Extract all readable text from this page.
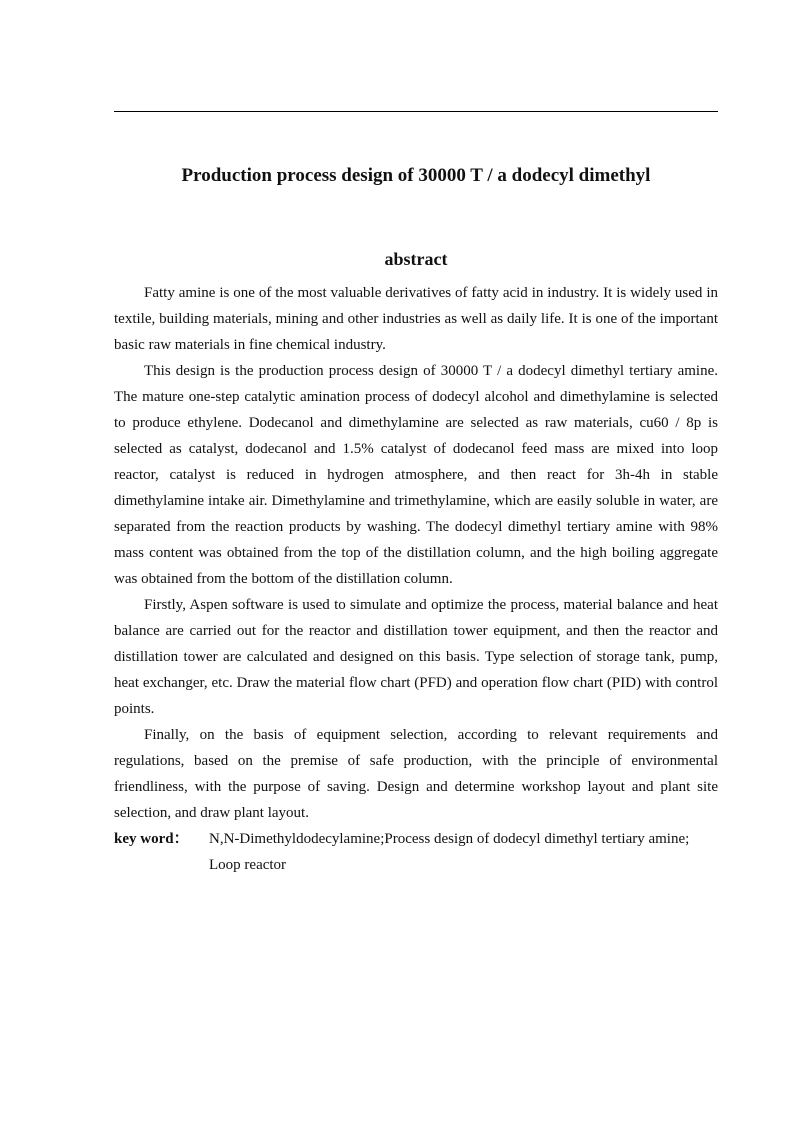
Production process design of 30000 T / a dodecyl dimethyl
abstract

Fatty amine is one of the most valuable derivatives of fatty acid in industry. It is widely used in textile, building materials, mining and other industries as well as daily life. It is one of the important basic raw materials in fine chemical industry.

This design is the production process design of 30000 T / a dodecyl dimethyl tertiary amine. The mature one-step catalytic amination process of dodecyl alcohol and dimethylamine is selected to produce ethylene. Dodecanol and dimethylamine are selected as raw materials, cu60 / 8p is selected as catalyst, dodecanol and 1.5% catalyst of dodecanol feed mass are mixed into loop reactor, catalyst is reduced in hydrogen atmosphere, and then react for 3h-4h in stable dimethylamine intake air. Dimethylamine and trimethylamine, which are easily soluble in water, are separated from the reaction products by washing. The dodecyl dimethyl tertiary amine with 98% mass content was obtained from the top of the distillation column, and the high boiling aggregate was obtained from the bottom of the distillation column.

Firstly, Aspen software is used to simulate and optimize the process, material balance and heat balance are carried out for the reactor and distillation tower equipment, and then the reactor and distillation tower are calculated and designed on this basis. Type selection of storage tank, pump, heat exchanger, etc. Draw the material flow chart (PFD) and operation flow chart (PID) with control points.

Finally, on the basis of equipment selection, according to relevant requirements and regulations, based on the premise of safe production, with the principle of environmental friendliness, with the purpose of saving. Design and determine workshop layout and plant site selection, and draw plant layout.

key word：	N,N-Dimethyldodecylamine;Process design of dodecyl dimethyl tertiary amine;
Loop reactor
